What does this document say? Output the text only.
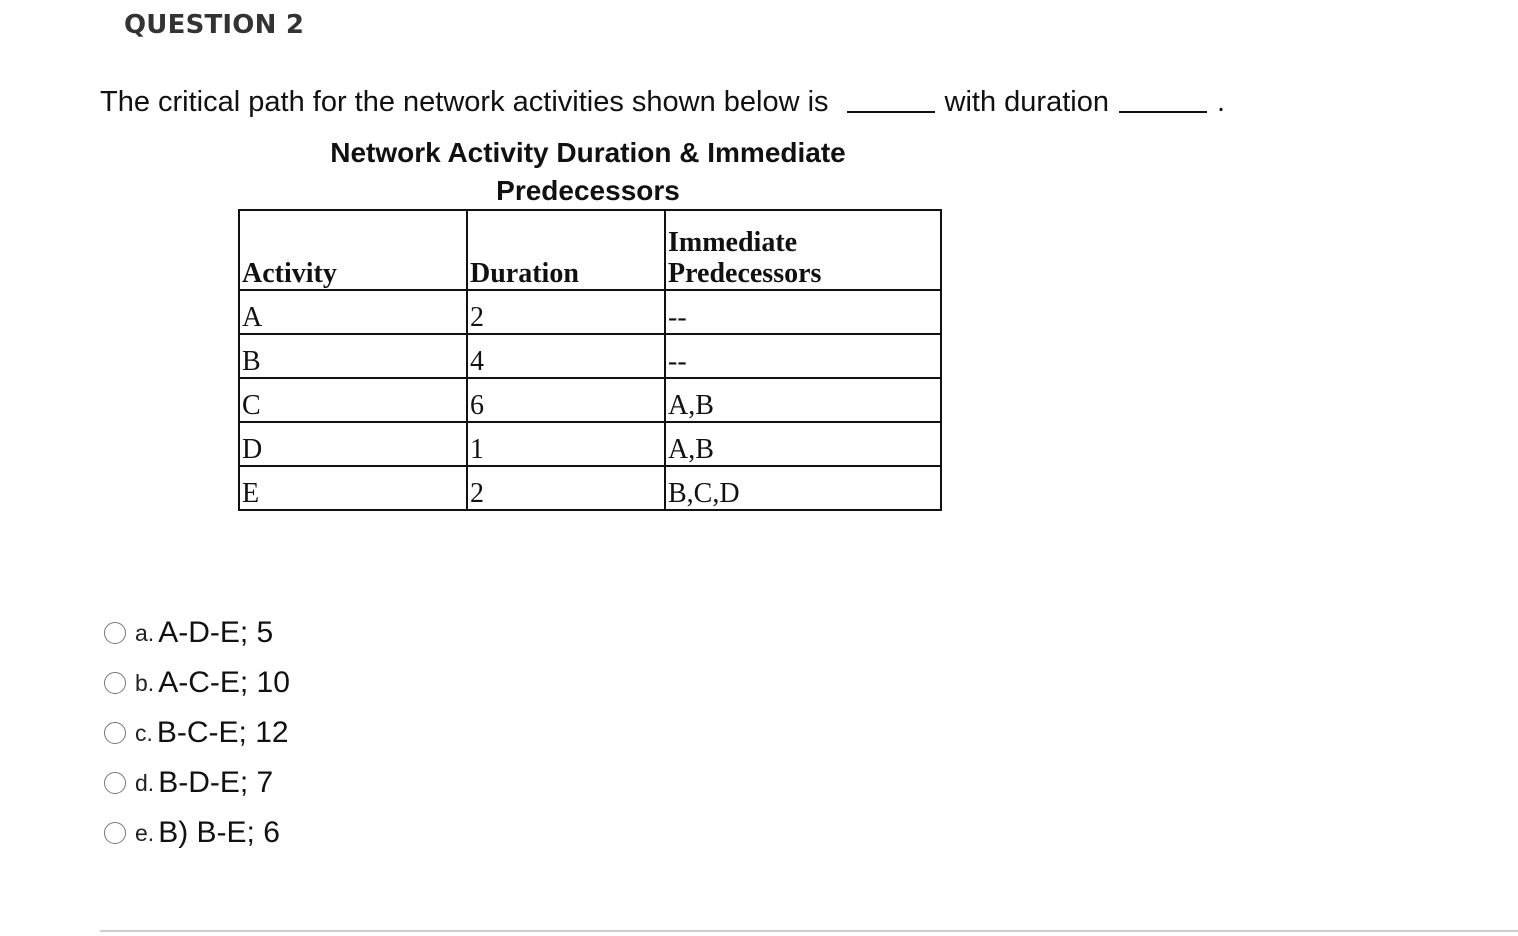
QUESTION 2
The critical path for the network activities shown below is	with duration	.
Network Activity Duration & Immediate
Predecessors
Activity	Duration	Immediate
Predecessors
A	2	--
B	4	--
C	6	A,B
D	1	A,B
E	2	B,C,D
a. A-D-E; 5
b. A-C-E; 10
c. B-C-E; 12
d. B-D-E; 7
e. B) B-E; 6
